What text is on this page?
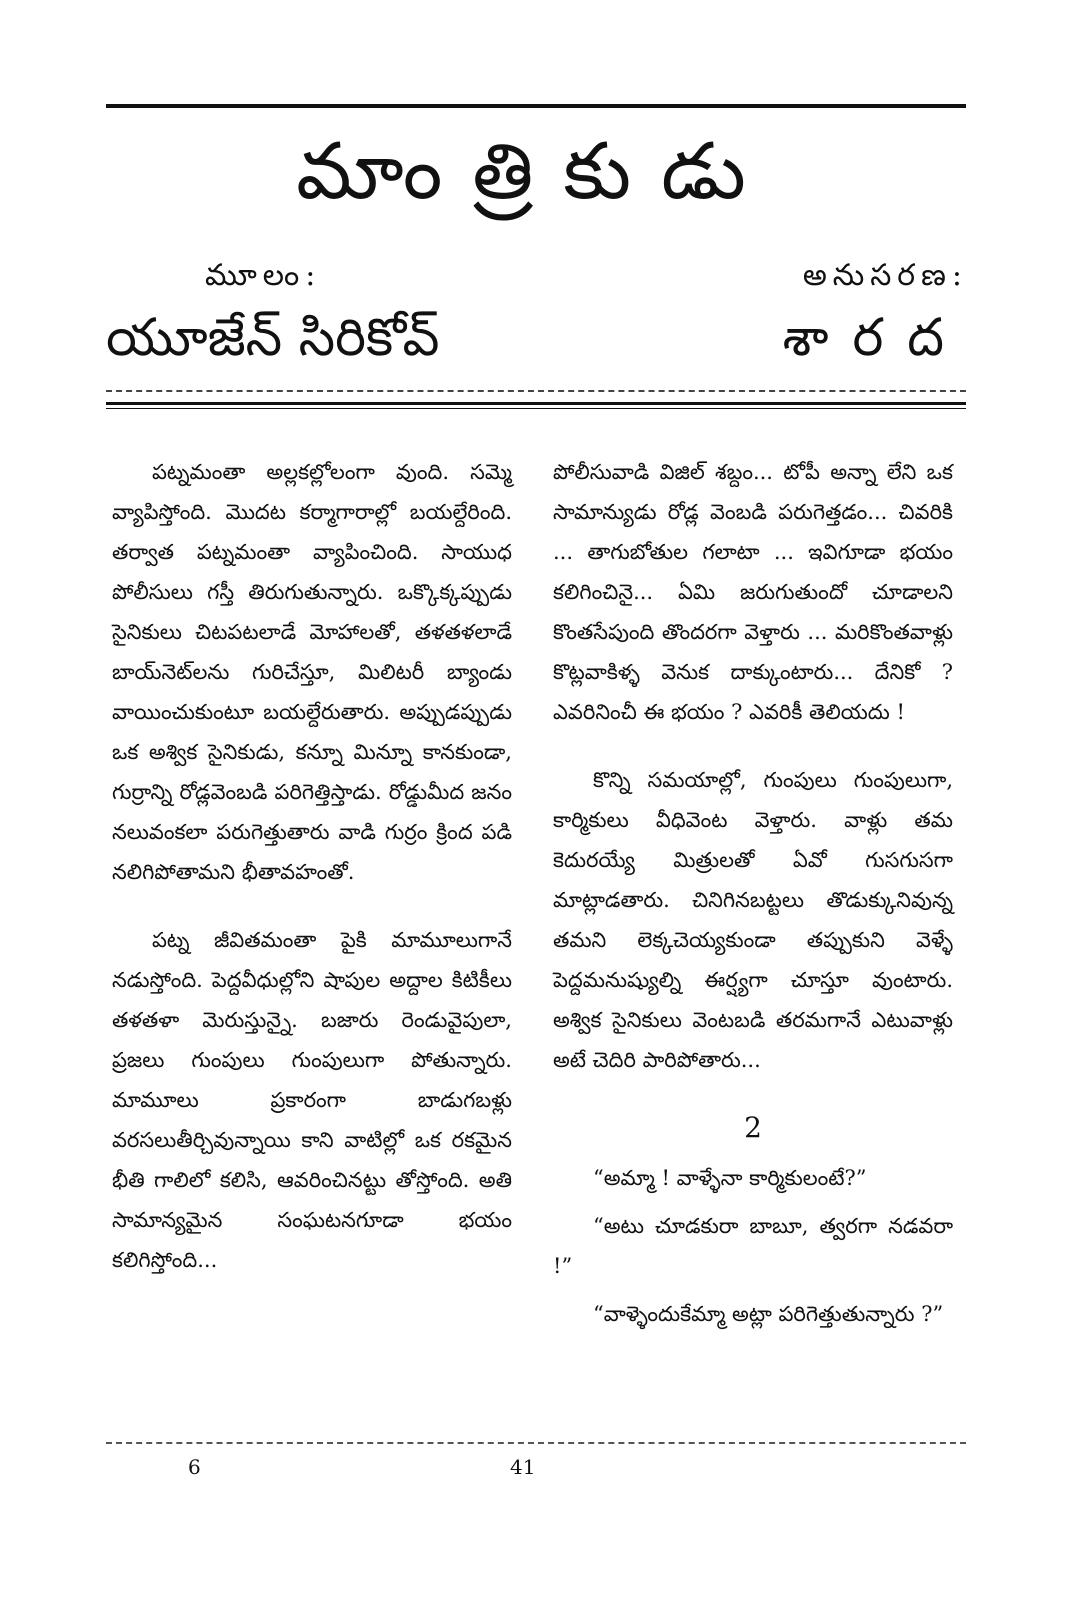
మాంత్రికుడు
మూలం:	అనుసరణ:
యూజేన్ సిరికోవ్	శారద

పట్నమంతా అల్లకల్లోలంగా వుంది. సమ్మె వ్యాపిస్తోంది. మొదట కర్మాగారాల్లో బయల్దేరింది. తర్వాత పట్నమంతా వ్యాపించింది. సాయుధ పోలీసులు గస్తీ తిరుగుతున్నారు. ఒక్కొక్కప్పుడు సైనికులు చిటపటలాడే మోహాలతో, తళతళలాడే బాయ్‌నెట్‌లను గురిచేస్తూ, మిలిటరీ బ్యాండు వాయించుకుంటూ బయల్దేరుతారు. అప్పుడప్పుడు ఒక అశ్విక సైనికుడు, కన్నూ మిన్నూ కానకుండా, గుర్రాన్ని రోడ్లవెంబడి పరిగెత్తిస్తాడు. రోడ్డుమీద జనం నలువంకలా పరుగెత్తుతారు వాడి గుర్రం క్రింద పడి నలిగిపోతామని భీతావహంతో.

పట్న జీవితమంతా పైకి మామూలుగానే నడుస్తోంది. పెద్దవీధుల్లోని షాపుల అద్దాల కిటికీలు తళతళా మెరుస్తున్నై. బజారు రెండువైపులా, ప్రజలు గుంపులు గుంపులుగా పోతున్నారు. మామూలు ప్రకారంగా బాడుగబళ్లు వరసలుతీర్చివున్నాయి కాని వాటిల్లో ఒక రకమైన భీతి గాలిలో కలిసి, ఆవరించినట్టు తోస్తోంది. అతి సామాన్యమైన సంఘటనగూడా భయం కలిగిస్తోంది...

పోలీసువాడి విజిల్ శబ్దం... టోపీ అన్నా లేని ఒక సామాన్యుడు రోడ్ల వెంబడి పరుగెత్తడం... చివరికి ... తాగుబోతుల గలాటా ... ఇవిగూడా భయం కలిగించినై... ఏమి జరుగుతుందో చూడాలని కొంతసేపుంది తొందరగా వెళ్తారు ... మరికొంతవాళ్లు కొట్లవాకిళ్ళ వెనుక దాక్కుంటారు... దేనికో ? ఎవరినించీ ఈ భయం ? ఎవరికీ తెలియదు !

కొన్ని సమయాల్లో, గుంపులు గుంపులుగా, కార్మికులు వీధివెంట వెళ్తారు. వాళ్లు తమ కెదురయ్యే మిత్రులతో ఏవో గుసగుసగా మాట్లాడతారు. చినిగినబట్టలు తొడుక్కునివున్న తమని లెక్కచెయ్యకుండా తప్పుకుని వెళ్ళే పెద్దమనుష్యుల్ని ఈర్ష్యగా చూస్తూ వుంటారు. అశ్విక సైనికులు వెంటబడి తరమగానే ఎటువాళ్లు అటే చెదిరి పారిపోతారు...

2

“అమ్మా ! వాళ్ళేనా కార్మికులంటే?”

“అటు చూడకురా బాబూ, త్వరగా నడవరా !”

“వాళ్ళెందుకేమ్మా అట్లా పరిగెత్తుతున్నారు ?”

6	41
